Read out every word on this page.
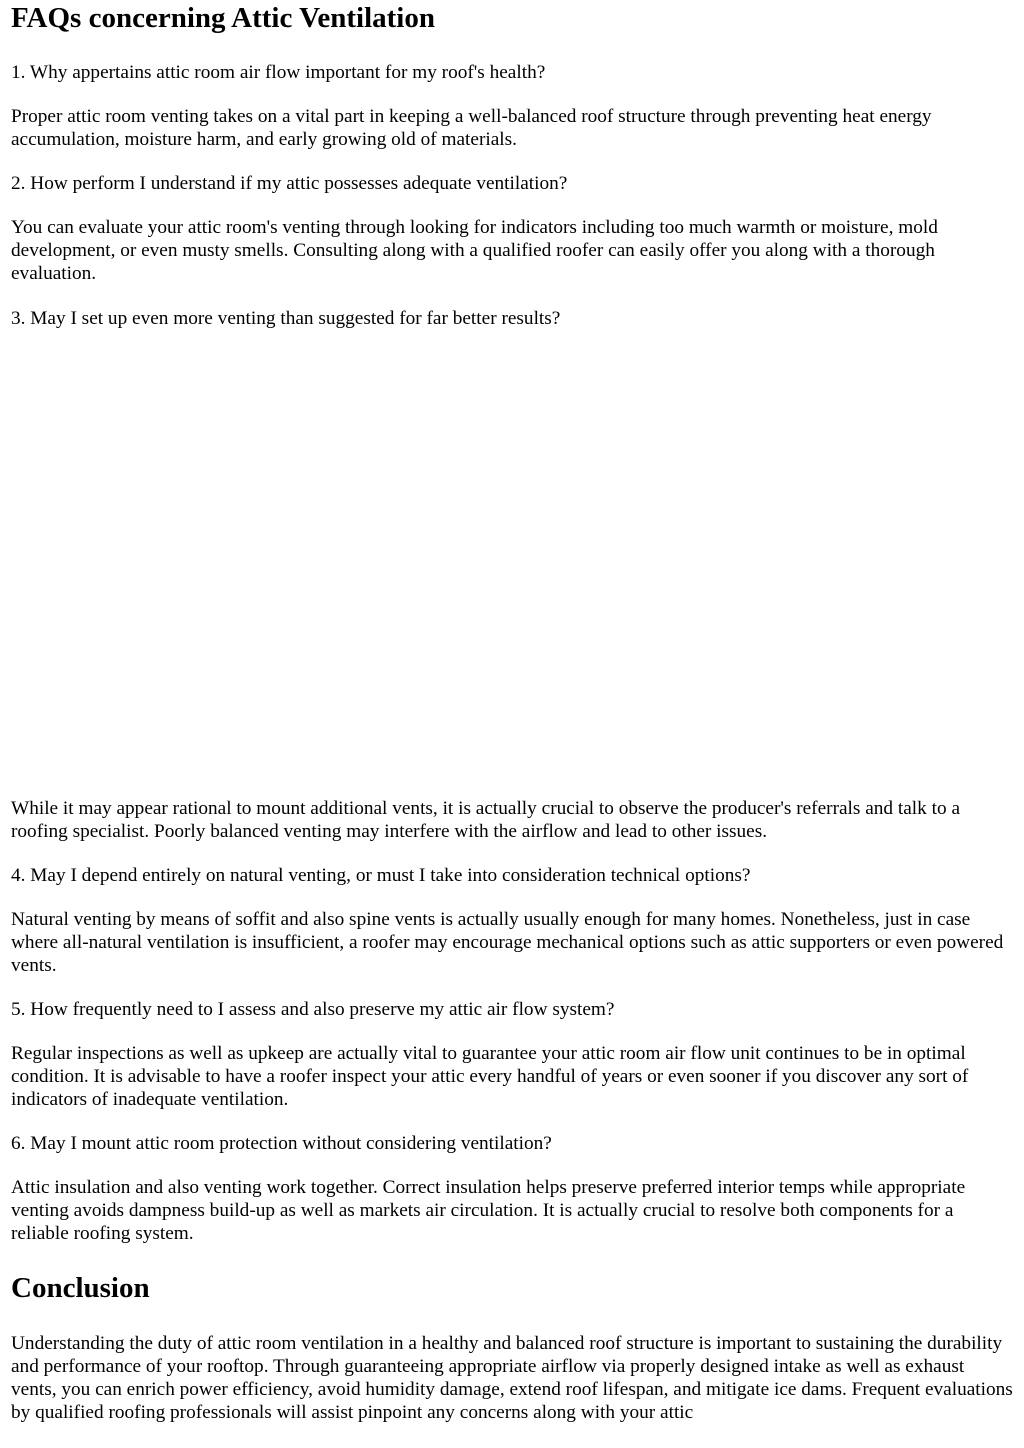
FAQs concerning Attic Ventilation

1. Why appertains attic room air flow important for my roof's health?

Proper attic room venting takes on a vital part in keeping a well-balanced roof structure through preventing heat energy accumulation, moisture harm, and early growing old of materials.

2. How perform I understand if my attic possesses adequate ventilation?

You can evaluate your attic room's venting through looking for indicators including too much warmth or moisture, mold development, or even musty smells. Consulting along with a qualified roofer can easily offer you along with a thorough evaluation.

3. May I set up even more venting than suggested for far better results?

While it may appear rational to mount additional vents, it is actually crucial to observe the producer's referrals and talk to a roofing specialist. Poorly balanced venting may interfere with the airflow and lead to other issues.

4. May I depend entirely on natural venting, or must I take into consideration technical options?

Natural venting by means of soffit and also spine vents is actually usually enough for many homes. Nonetheless, just in case where all-natural ventilation is insufficient, a roofer may encourage mechanical options such as attic supporters or even powered vents.

5. How frequently need to I assess and also preserve my attic air flow system?

Regular inspections as well as upkeep are actually vital to guarantee your attic room air flow unit continues to be in optimal condition. It is advisable to have a roofer inspect your attic every handful of years or even sooner if you discover any sort of indicators of inadequate ventilation.

6. May I mount attic room protection without considering ventilation?

Attic insulation and also venting work together. Correct insulation helps preserve preferred interior temps while appropriate venting avoids dampness build-up as well as markets air circulation. It is actually crucial to resolve both components for a reliable roofing system.

Conclusion

Understanding the duty of attic room ventilation in a healthy and balanced roof structure is important to sustaining the durability and performance of your rooftop. Through guaranteeing appropriate airflow via properly designed intake as well as exhaust vents, you can enrich power efficiency, avoid humidity damage, extend roof lifespan, and mitigate ice dams. Frequent evaluations by qualified roofing professionals will assist pinpoint any concerns along with your attic
